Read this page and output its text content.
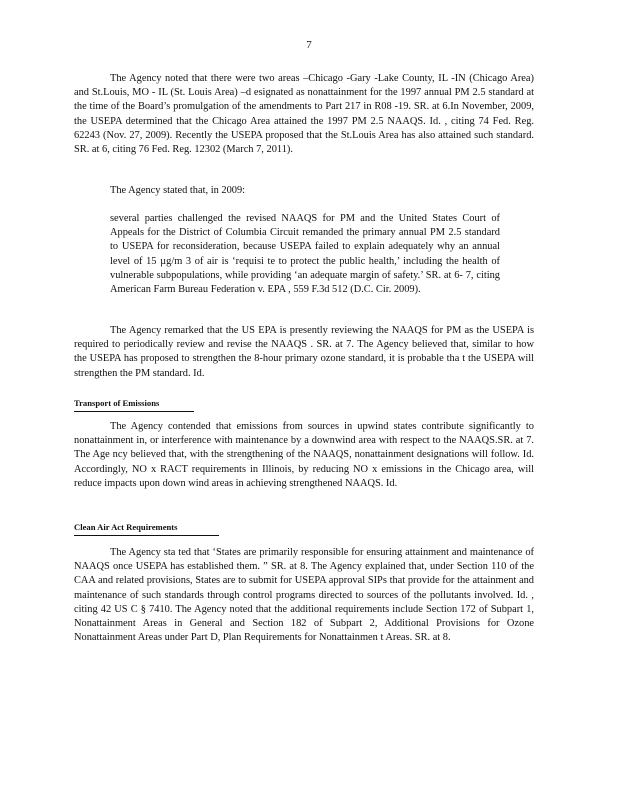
7

The Agency noted that there were two areas –Chicago -Gary -Lake County, IL -IN (Chicago Area) and St.Louis, MO - IL (St. Louis Area) –d esignated as nonattainment for the 1997 annual PM 2.5 standard at the time of the Board’s promulgation of the amendments to Part 217 in R08 -19. SR. at 6.In November, 2009, the USEPA determined that the Chicago Area attained the 1997 PM 2.5 NAAQS. Id. , citing 74 Fed. Reg. 62243 (Nov. 27, 2009). Recently the USEPA proposed that the St.Louis Area has also attained such standard. SR. at 6, citing 76 Fed. Reg. 12302 (March 7, 2011).

The Agency stated that, in 2009:

several parties challenged the revised NAAQS for PM and the United States Court of Appeals for the District of Columbia Circuit remanded the primary annual PM 2.5 standard to USEPA for reconsideration, because USEPA failed to explain adequately why an annual level of 15 µg/m 3 of air is ‘requisi te to protect the public health,’ including the health of vulnerable subpopulations, while providing ‘an adequate margin of safety.’ SR. at 6- 7, citing American Farm Bureau Federation v. EPA , 559 F.3d 512 (D.C. Cir. 2009).

The Agency remarked that the US EPA is presently reviewing the NAAQS for PM as the USEPA is required to periodically review and revise the NAAQS . SR. at 7. The Agency believed that, similar to how the USEPA has proposed to strengthen the 8-hour primary ozone standard, it is probable tha t the USEPA will strengthen the PM standard. Id.

Transport of Emissions

The Agency contended that emissions from sources in upwind states contribute significantly to nonattainment in, or interference with maintenance by a downwind area with respect to the NAAQS.SR. at 7. The Age ncy believed that, with the strengthening of the NAAQS, nonattainment designations will follow. Id. Accordingly, NO x RACT requirements in Illinois, by reducing NO x emissions in the Chicago area, will reduce impacts upon down wind areas in achieving strengthened NAAQS. Id.

Clean Air Act Requirements

The Agency sta ted that ‘States are primarily responsible for ensuring attainment and maintenance of NAAQS once USEPA has established them. ” SR. at 8. The Agency explained that, under Section 110 of the CAA and related provisions, States are to submit for USEPA approval SIPs that provide for the attainment and maintenance of such standards through control programs directed to sources of the pollutants involved. Id. , citing 42 US C § 7410. The Agency noted that the additional requirements include Section 172 of Subpart 1, Nonattainment Areas in General and Section 182 of Subpart 2, Additional Provisions for Ozone Nonattainment Areas under Part D, Plan Requirements for Nonattainmen t Areas. SR. at 8.
